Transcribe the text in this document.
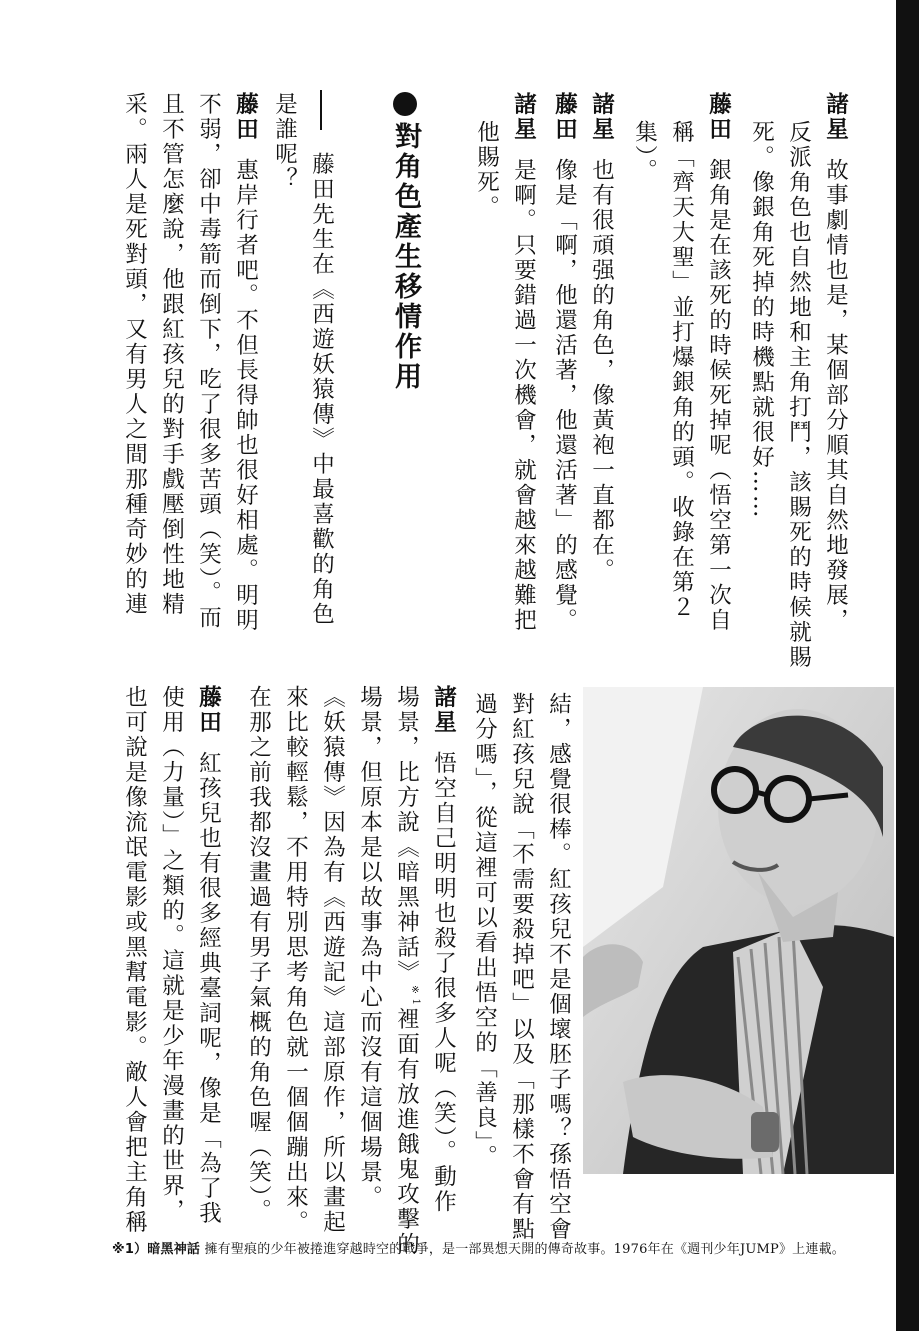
諸星故事劇情也是，某個部分順其自然地發展，
反派角色也自然地和主角打鬥，該賜死的時候就賜
死。像銀角死掉的時機點就很好……
藤田銀角是在該死的時候死掉呢（悟空第一次自
稱「齊天大聖」並打爆銀角的頭。收錄在第２
集）。
諸星也有很頑强的角色，像黃袍一直都在。
藤田像是「啊，他還活著，他還活著」的感覺。
諸星是啊。只要錯過一次機會，就會越來越難把
他賜死。
對角色產生移情作用
藤田先生在《西遊妖猿傳》中最喜歡的角色
是誰呢？
藤田惠岸行者吧。不但長得帥也很好相處。明明
不弱，卻中毒箭而倒下，吃了很多苦頭（笑）。而
且不管怎麼說，他跟紅孩兒的對手戲壓倒性地精
采。兩人是死對頭，又有男人之間那種奇妙的連
結，感覺很棒。紅孩兒不是個壞胚子嗎？孫悟空會
對紅孩兒說「不需要殺掉吧」以及「那樣不會有點
過分嗎」，從這裡可以看出悟空的「善良」。
諸星悟空自己明明也殺了很多人呢（笑）。動作
場景，比方說《暗黑神話》$^{※1}$裡面有放進餓鬼攻擊的
場景，但原本是以故事為中心而沒有這個場景。
《妖猿傳》因為有《西遊記》這部原作，所以畫起
來比較輕鬆，不用特別思考角色就一個個蹦出來。
在那之前我都沒畫過有男子氣概的角色喔（笑）。
藤田紅孩兒也有很多經典臺詞呢，像是「為了我
使用（力量）」之類的。這就是少年漫畫的世界，
也可說是像流氓電影或黑幫電影。敵人會把主角稱
※1）暗黑神話 擁有聖痕的少年被捲進穿越時空的戰爭，是一部異想天開的傳奇故事。1976年在《週刊少年JUMP》上連載。
